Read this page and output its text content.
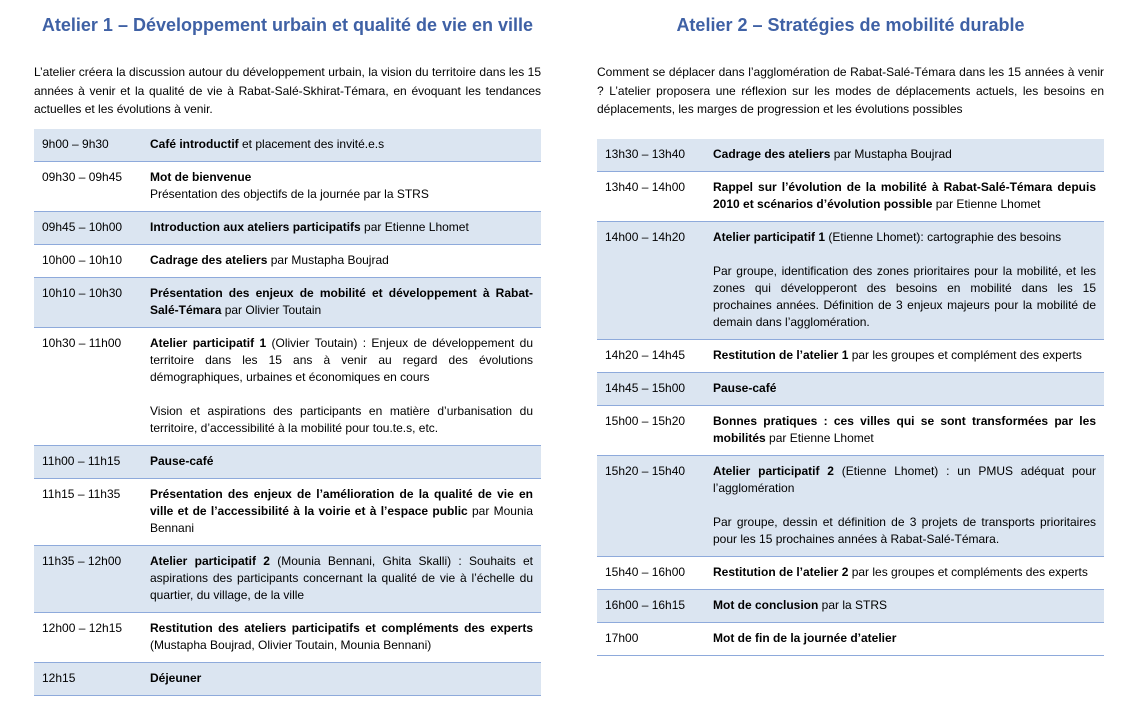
Atelier 1 – Développement urbain et qualité de vie en ville

L’atelier créera la discussion autour du développement urbain, la vision du territoire dans les 15 années à venir et la qualité de vie à Rabat-Salé-Skhirat-Témara, en évoquant les tendances actuelles et les évolutions à venir.

9h00 – 9h30	Café introductif et placement des invité.e.s

09h30 – 09h45	Mot de bienvenue
Présentation des objectifs de la journée par la STRS

09h45 – 10h00	Introduction aux ateliers participatifs par Etienne Lhomet

10h00 – 10h10	Cadrage des ateliers par Mustapha Boujrad

10h10 – 10h30	Présentation des enjeux de mobilité et développement à Rabat-Salé-Témara par Olivier Toutain

10h30 – 11h00	Atelier participatif 1 (Olivier Toutain) : Enjeux de développement du territoire dans les 15 ans à venir au regard des évolutions démographiques, urbaines et économiques en cours

Vision et aspirations des participants en matière d’urbanisation du territoire, d’accessibilité à la mobilité pour tou.te.s, etc.

11h00 – 11h15	Pause-café

11h15 – 11h35	Présentation des enjeux de l’amélioration de la qualité de vie en ville et de l’accessibilité à la voirie et à l’espace public par Mounia Bennani

11h35 – 12h00	Atelier participatif 2 (Mounia Bennani, Ghita Skalli) : Souhaits et aspirations des participants concernant la qualité de vie à l’échelle du quartier, du village, de la ville

12h00 – 12h15	Restitution des ateliers participatifs et compléments des experts (Mustapha Boujrad, Olivier Toutain, Mounia Bennani)

12h15	Déjeuner

Atelier 2 – Stratégies de mobilité durable

Comment se déplacer dans l’agglomération de Rabat-Salé-Témara dans les 15 années à venir ? L’atelier proposera une réflexion sur les modes de déplacements actuels, les besoins en déplacements, les marges de progression et les évolutions possibles

13h30 – 13h40	Cadrage des ateliers par Mustapha Boujrad

13h40 – 14h00	Rappel sur l’évolution de la mobilité à Rabat-Salé-Témara depuis 2010 et scénarios d’évolution possible par Etienne Lhomet

14h00 – 14h20	Atelier participatif 1 (Etienne Lhomet): cartographie des besoins

Par groupe, identification des zones prioritaires pour la mobilité, et les zones qui développeront des besoins en mobilité dans les 15 prochaines années. Définition de 3 enjeux majeurs pour la mobilité de demain dans l’agglomération.

14h20 – 14h45	Restitution de l’atelier 1 par les groupes et complément des experts

14h45 – 15h00	Pause-café

15h00 – 15h20	Bonnes pratiques : ces villes qui se sont transformées par les mobilités par Etienne Lhomet

15h20 – 15h40	Atelier participatif 2 (Etienne Lhomet) : un PMUS adéquat pour l’agglomération

Par groupe, dessin et définition de 3 projets de transports prioritaires pour les 15 prochaines années à Rabat-Salé-Témara.

15h40 – 16h00	Restitution de l’atelier 2 par les groupes et compléments des experts

16h00 – 16h15	Mot de conclusion par la STRS

17h00	Mot de fin de la journée d’atelier
